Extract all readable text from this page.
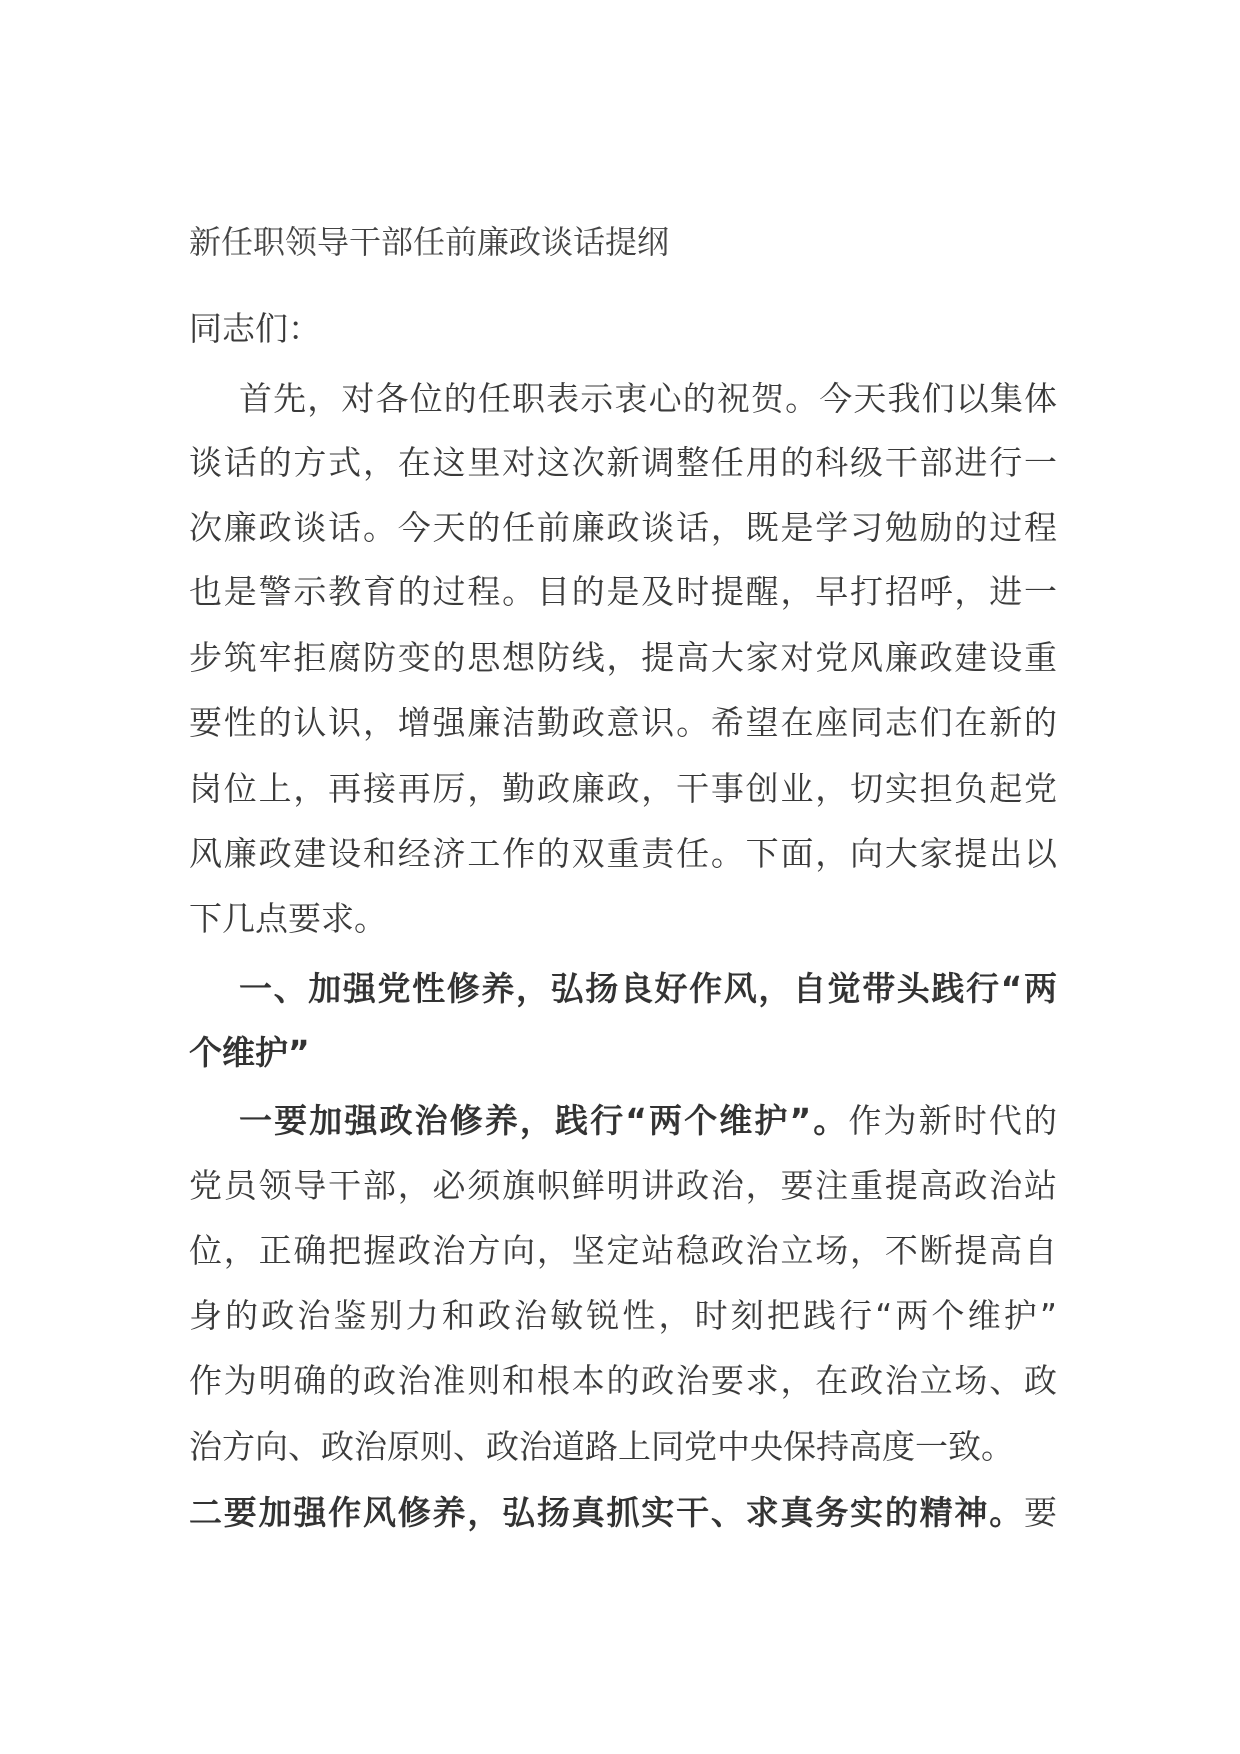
新任职领导干部任前廉政谈话提纲
同志们：
首先，对各位的任职表示衷心的祝贺。今天我们以集体
谈话的方式，在这里对这次新调整任用的科级干部进行一
次廉政谈话。今天的任前廉政谈话，既是学习勉励的过程
也是警示教育的过程。目的是及时提醒，早打招呼，进一
步筑牢拒腐防变的思想防线，提高大家对党风廉政建设重
要性的认识，增强廉洁勤政意识。希望在座同志们在新的
岗位上，再接再厉，勤政廉政，干事创业，切实担负起党
风廉政建设和经济工作的双重责任。下面，向大家提出以
下几点要求。
一、加强党性修养，弘扬良好作风，自觉带头践行“两
个维护”
一要加强政治修养，践行“两个维护”。作为新时代的
党员领导干部，必须旗帜鲜明讲政治，要注重提高政治站
位，正确把握政治方向，坚定站稳政治立场，不断提高自
身的政治鉴别力和政治敏锐性，时刻把践行“两个维护”
作为明确的政治准则和根本的政治要求，在政治立场、政
治方向、政治原则、政治道路上同党中央保持高度一致。
二要加强作风修养，弘扬真抓实干、求真务实的精神。要
